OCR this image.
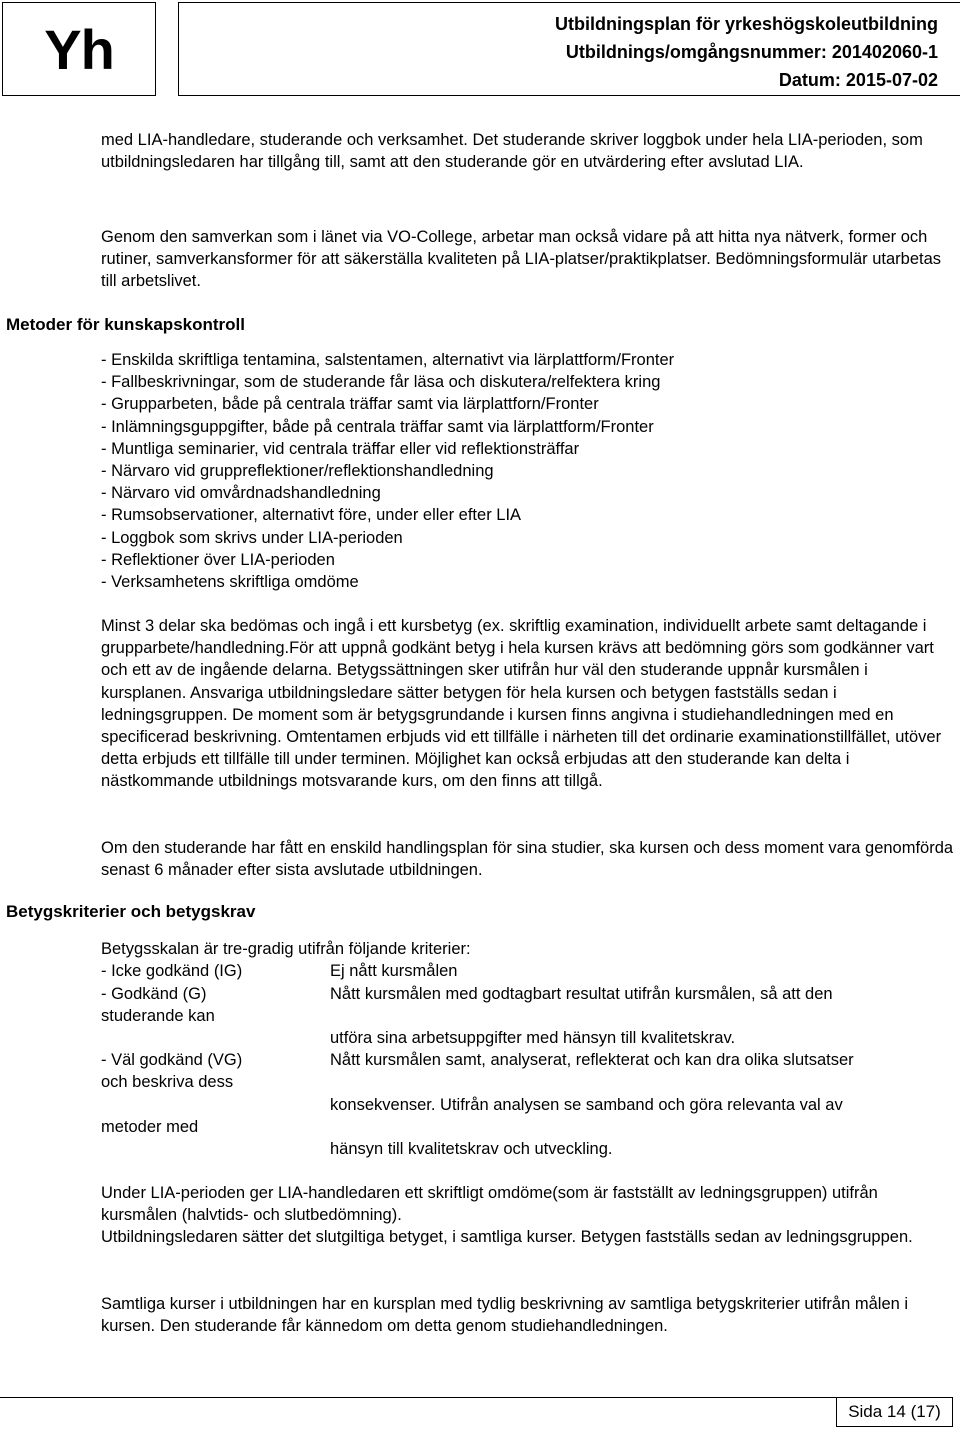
Yh	Utbildningsplan för yrkeshögskoleutbildning
Utbildnings/omgångsnummer: 201402060-1
Datum: 2015-07-02

med LIA-handledare, studerande och verksamhet. Det studerande skriver loggbok under hela LIA-perioden, som utbildningsledaren har tillgång till, samt att den studerande gör en utvärdering efter avslutad LIA.

Genom den samverkan som i länet via VO-College, arbetar man också vidare på att hitta nya nätverk, former och rutiner, samverkansformer för att säkerställa kvaliteten på LIA-platser/praktikplatser. Bedömningsformulär utarbetas till arbetslivet.

Metoder för kunskapskontroll
- Enskilda skriftliga tentamina, salstentamen, alternativt via lärplattform/Fronter
- Fallbeskrivningar, som de studerande får läsa och diskutera/relfektera kring
- Grupparbeten, både på centrala träffar samt via lärplattforn/Fronter
- Inlämningsguppgifter, både på centrala träffar samt via lärplattform/Fronter
- Muntliga seminarier, vid centrala träffar eller vid reflektionsträffar
- Närvaro vid gruppreflektioner/reflektionshandledning
- Närvaro vid omvårdnadshandledning
- Rumsobservationer, alternativt före, under eller efter LIA
- Loggbok som skrivs under LIA-perioden
- Reflektioner över LIA-perioden
- Verksamhetens skriftliga omdöme

Minst 3 delar ska bedömas och ingå i ett kursbetyg (ex. skriftlig examination, individuellt arbete samt deltagande i grupparbete/handledning.För att uppnå godkänt betyg i hela kursen krävs att bedömning görs som godkänner vart och ett av de ingående delarna. Betygssättningen sker utifrån hur väl den studerande uppnår kursmålen i kursplanen. Ansvariga utbildningsledare sätter betygen för hela kursen och betygen fastställs sedan i ledningsgruppen. De moment som är betygsgrundande i kursen finns angivna i studiehandledningen med en specificerad beskrivning. Omtentamen erbjuds vid ett tillfälle i närheten till det ordinarie examinationstillfället, utöver detta erbjuds ett tillfälle till under terminen. Möjlighet kan också erbjudas att den studerande kan delta i nästkommande utbildnings motsvarande kurs, om den finns att tillgå.

Om den studerande har fått en enskild handlingsplan för sina studier, ska kursen och dess moment vara genomförda senast 6 månader efter sista avslutade utbildningen.

Betygskriterier och betygskrav
Betygsskalan är tre-gradig utifrån följande kriterier:
- Icke godkänd (IG)	Ej nått kursmålen
- Godkänd (G)	Nått kursmålen med godtagbart resultat utifrån kursmålen, så att den
studerande kan
utföra sina arbetsuppgifter med hänsyn till kvalitetskrav.
- Väl godkänd (VG)	Nått kursmålen samt, analyserat, reflekterat och kan dra olika slutsatser
och beskriva dess
konsekvenser. Utifrån analysen se samband och göra relevanta val av
metoder med
hänsyn till kvalitetskrav och utveckling.

Under LIA-perioden ger LIA-handledaren ett skriftligt omdöme(som är fastställt av ledningsgruppen) utifrån kursmålen (halvtids- och slutbedömning).

Utbildningsledaren sätter det slutgiltiga betyget, i samtliga kurser. Betygen fastställs sedan av ledningsgruppen.

Samtliga kurser i utbildningen har en kursplan med tydlig beskrivning av samtliga betygskriterier utifrån målen i kursen. Den studerande får kännedom om detta genom studiehandledningen.

Sida 14 (17)
